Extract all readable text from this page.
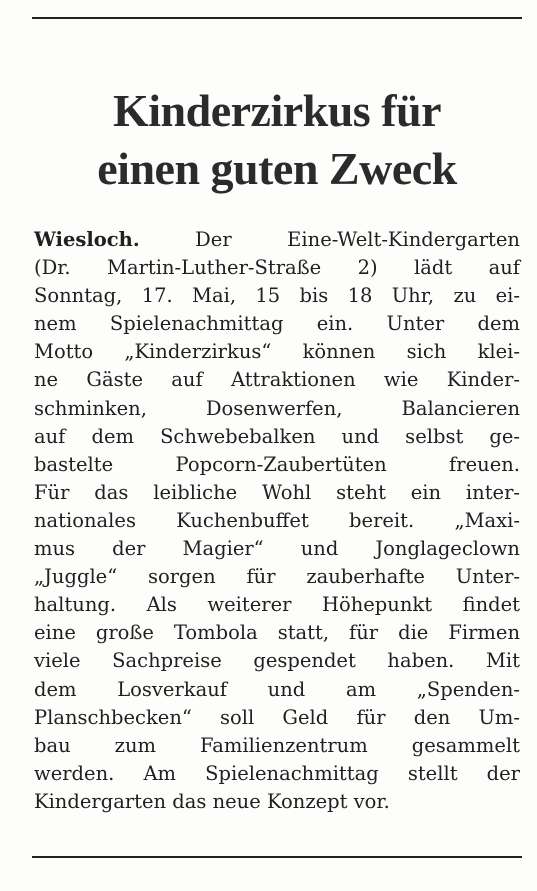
Kinderzirkus für
einen guten Zweck
Wiesloch. Der Eine-Welt-Kindergarten
(Dr. Martin-Luther-Straße 2) lädt auf
Sonntag, 17. Mai, 15 bis 18 Uhr, zu ei-
nem Spielenachmittag ein. Unter dem
Motto „Kinderzirkus“ können sich klei-
ne Gäste auf Attraktionen wie Kinder-
schminken, Dosenwerfen, Balancieren
auf dem Schwebebalken und selbst ge-
bastelte Popcorn-Zaubertüten freuen.
Für das leibliche Wohl steht ein inter-
nationales Kuchenbuffet bereit. „Maxi-
mus der Magier“ und Jonglageclown
„Juggle“ sorgen für zauberhafte Unter-
haltung. Als weiterer Höhepunkt findet
eine große Tombola statt, für die Firmen
viele Sachpreise gespendet haben. Mit
dem Losverkauf und am „Spenden-
Planschbecken“ soll Geld für den Um-
bau zum Familienzentrum gesammelt
werden. Am Spielenachmittag stellt der
Kindergarten das neue Konzept vor.
